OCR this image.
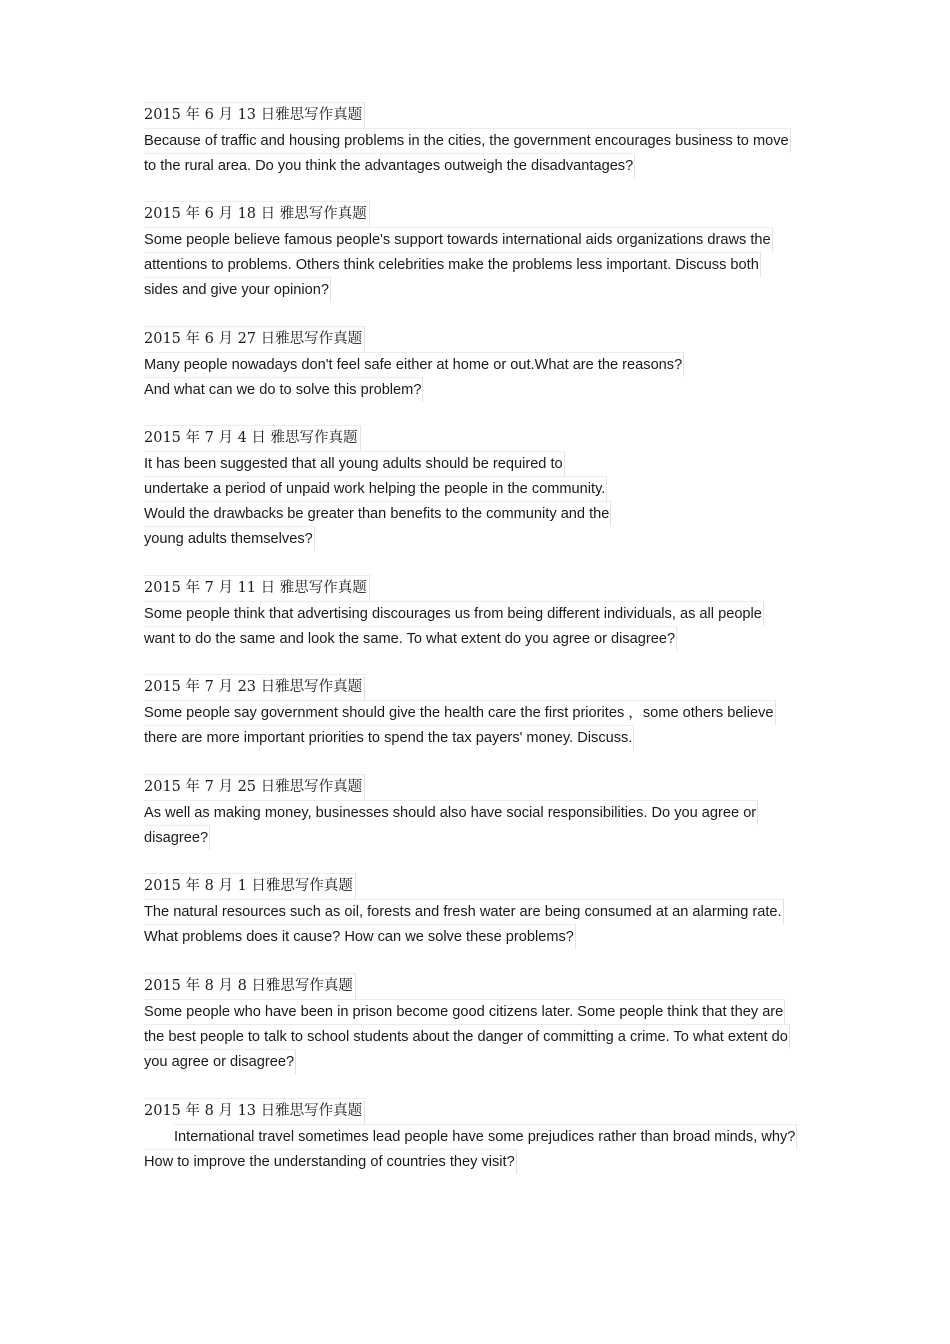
2015 年 6 月 13 日雅思写作真题
Because of traffic and housing problems in the cities, the government encourages business to move
to the rural area. Do you think the advantages outweigh the disadvantages?
2015 年 6 月 18 日 雅思写作真题
Some people believe famous people's support towards international aids organizations draws the
attentions to problems. Others think celebrities make the problems less important. Discuss both
sides and give your opinion?
2015 年 6 月 27 日雅思写作真题
Many people nowadays don't feel safe either at home or out.What are the reasons?
And what can we do to solve this problem?
2015 年 7 月 4 日 雅思写作真题
It has been suggested that all young adults should be required to
undertake a period of unpaid work helping the people in the community.
Would the drawbacks be greater than benefits to the community and the
young adults themselves?
2015 年 7 月 11 日 雅思写作真题
Some people think that advertising discourages us from being different individuals, as all people
want to do the same and look the same. To what extent do you agree or disagree?
2015 年 7 月 23 日雅思写作真题
Some people say government should give the health care the first priorites ，some others believe
there are more important priorities to spend the tax payers' money. Discuss.
2015 年 7 月 25 日雅思写作真题
As well as making money, businesses should also have social responsibilities. Do you agree or
disagree?
2015 年 8 月 1 日雅思写作真题
The natural resources such as oil, forests and fresh water are being consumed at an alarming rate.
What problems does it cause? How can we solve these problems?
2015 年 8 月 8 日雅思写作真题
Some people who have been in prison become good citizens later. Some people think that they are
the best people to talk to school students about the danger of committing a crime. To what extent do
you agree or disagree?
2015 年 8 月 13 日雅思写作真题
International travel sometimes lead people have some prejudices rather than broad minds, why?
How to improve the understanding of countries they visit?
